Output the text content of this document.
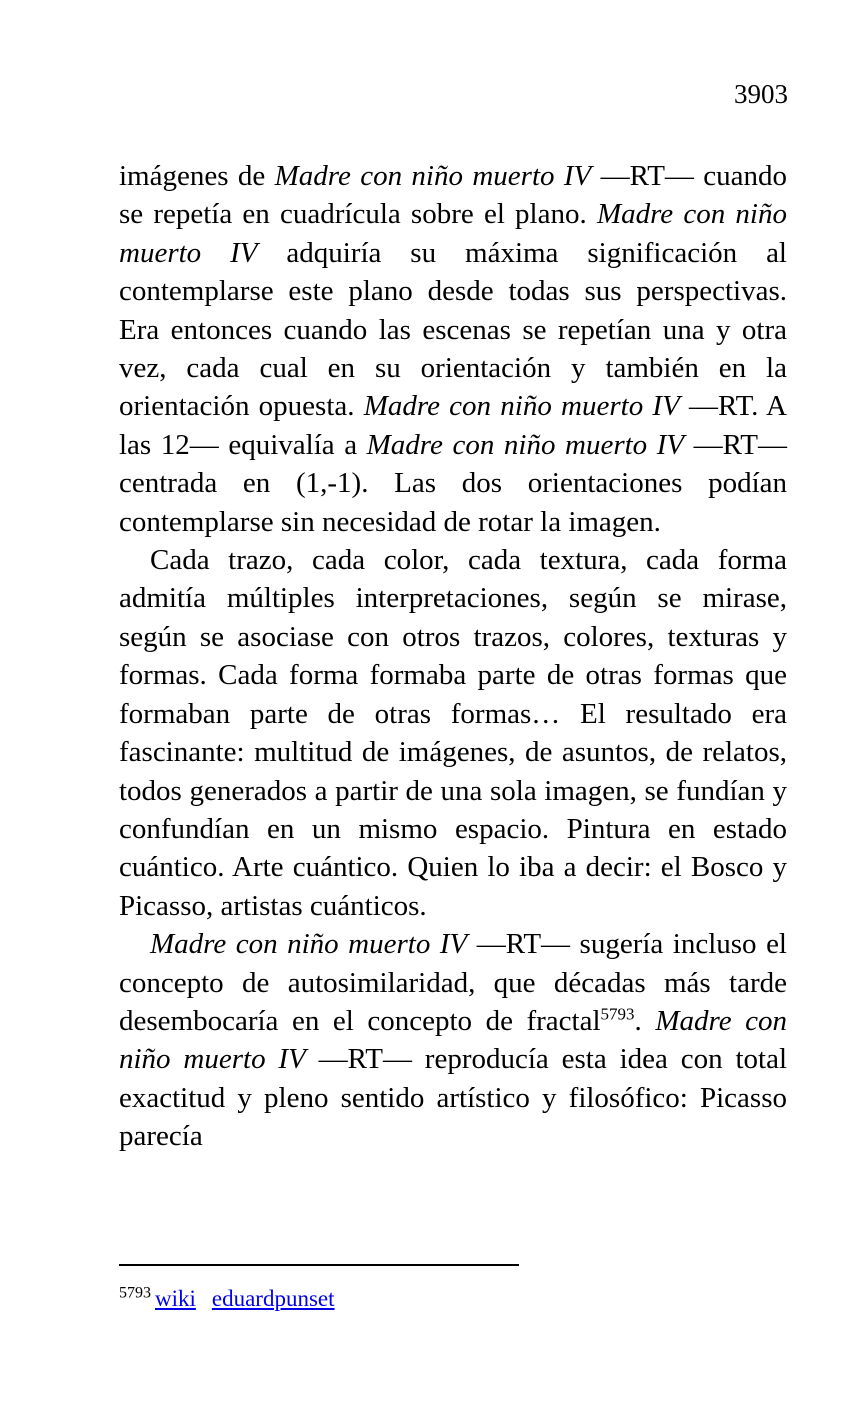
3903

imágenes de Madre con niño muerto IV —RT— cuando se repetía en cuadrícula sobre el plano. Madre con niño muerto IV adquiría su máxima significación al contemplarse este plano desde todas sus perspectivas. Era entonces cuando las escenas se repetían una y otra vez, cada cual en su orientación y también en la orientación opuesta. Madre con niño muerto IV —RT. A las 12— equivalía a Madre con niño muerto IV —RT— centrada en (1,-1). Las dos orientaciones podían contemplarse sin necesidad de rotar la imagen.

Cada trazo, cada color, cada textura, cada forma admitía múltiples interpretaciones, según se mirase, según se asociase con otros trazos, colores, texturas y formas. Cada forma formaba parte de otras formas que formaban parte de otras formas… El resultado era fascinante: multitud de imágenes, de asuntos, de relatos, todos generados a partir de una sola imagen, se fundían y confundían en un mismo espacio. Pintura en estado cuántico. Arte cuántico. Quien lo iba a decir: el Bosco y Picasso, artistas cuánticos.

Madre con niño muerto IV —RT— sugería incluso el concepto de autosimilaridad, que décadas más tarde desembocaría en el concepto de fractal$^{5793}$. Madre con niño muerto IV —RT— reproducía esta idea con total exactitud y pleno sentido artístico y filosófico: Picasso parecía

$^{5793}$ wiki eduardpunset
